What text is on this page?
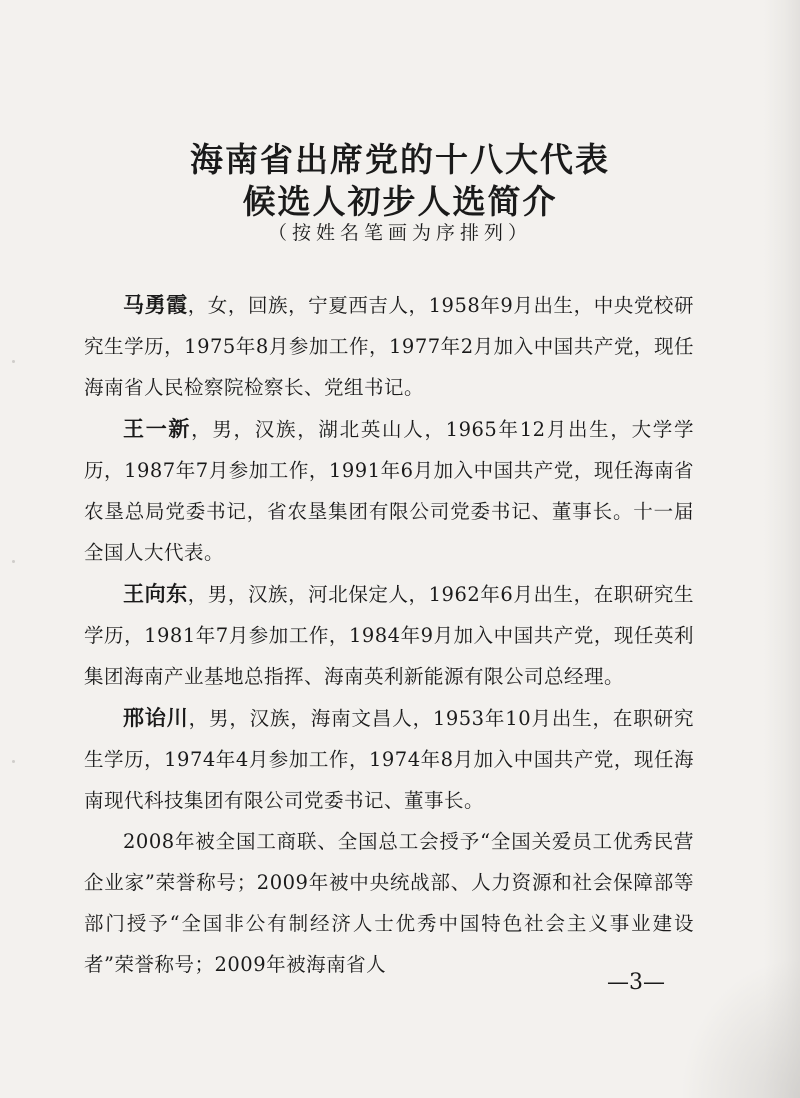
海南省出席党的十八大代表
候选人初步人选简介
（按姓名笔画为序排列）

马勇霞，女，回族，宁夏西吉人，1958年9月出生，中央党校研究生学历，1975年8月参加工作，1977年2月加入中国共产党，现任海南省人民检察院检察长、党组书记。

王一新，男，汉族，湖北英山人，1965年12月出生，大学学历，1987年7月参加工作，1991年6月加入中国共产党，现任海南省农垦总局党委书记，省农垦集团有限公司党委书记、董事长。十一届全国人大代表。

王向东，男，汉族，河北保定人，1962年6月出生，在职研究生学历，1981年7月参加工作，1984年9月加入中国共产党，现任英利集团海南产业基地总指挥、海南英利新能源有限公司总经理。

邢诒川，男，汉族，海南文昌人，1953年10月出生，在职研究生学历，1974年4月参加工作，1974年8月加入中国共产党，现任海南现代科技集团有限公司党委书记、董事长。

2008年被全国工商联、全国总工会授予“全国关爱员工优秀民营企业家”荣誉称号；2009年被中央统战部、人力资源和社会保障部等部门授予“全国非公有制经济人士优秀中国特色社会主义事业建设者”荣誉称号；2009年被海南省人

—3—
